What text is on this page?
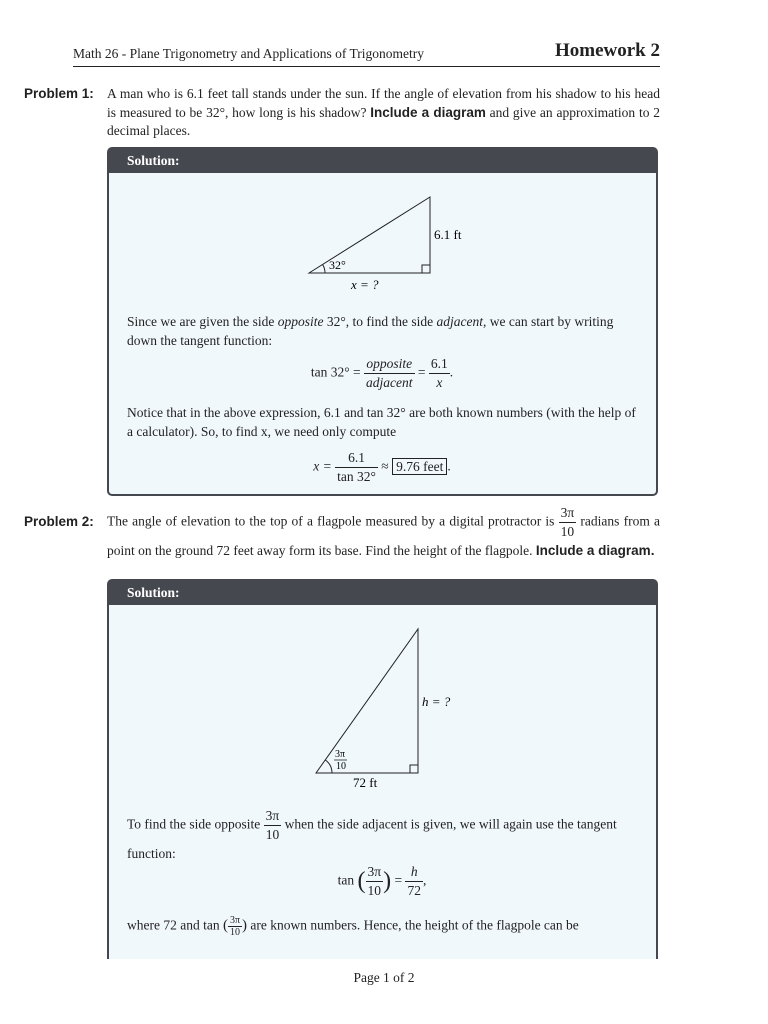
Math 26 - Plane Trigonometry and Applications of Trigonometry	Homework 2
Problem 1: A man who is 6.1 feet tall stands under the sun. If the angle of elevation from his shadow to his head is measured to be 32°, how long is his shadow? Include a diagram and give an approximation to 2 decimal places.
Solution:
32°
6.1 ft
x = ?
Since we are given the side opposite 32°, to find the side adjacent, we can start by writing down the tangent function:
$\tan 32^\circ = \frac{\text{opposite}}{\text{adjacent}} = \frac{6.1}{x}$ .
Notice that in the above expression, 6.1 and tan 32° are both known numbers (with the help of a calculator). So, to find x, we need only compute
$x = \frac{6.1}{\tan 32^\circ} \approx 9.76$ feet .
Problem 2: The angle of elevation to the top of a flagpole measured by a digital protractor is $\frac{3\pi}{10}$ radians from a point on the ground 72 feet away form its base. Find the height of the flagpole. Include a diagram.
Solution:
3π
10
h = ?
72 ft
To find the side opposite $\frac{3\pi}{10}$ when the side adjacent is given, we will again use the tangent function:
tan ( $\frac{3\pi}{10}$ ) = $\frac{h}{72}$ ,
where 72 and tan ( $\frac{3\pi}{10}$ ) are known numbers. Hence, the height of the flagpole can be
Page 1 of 2
